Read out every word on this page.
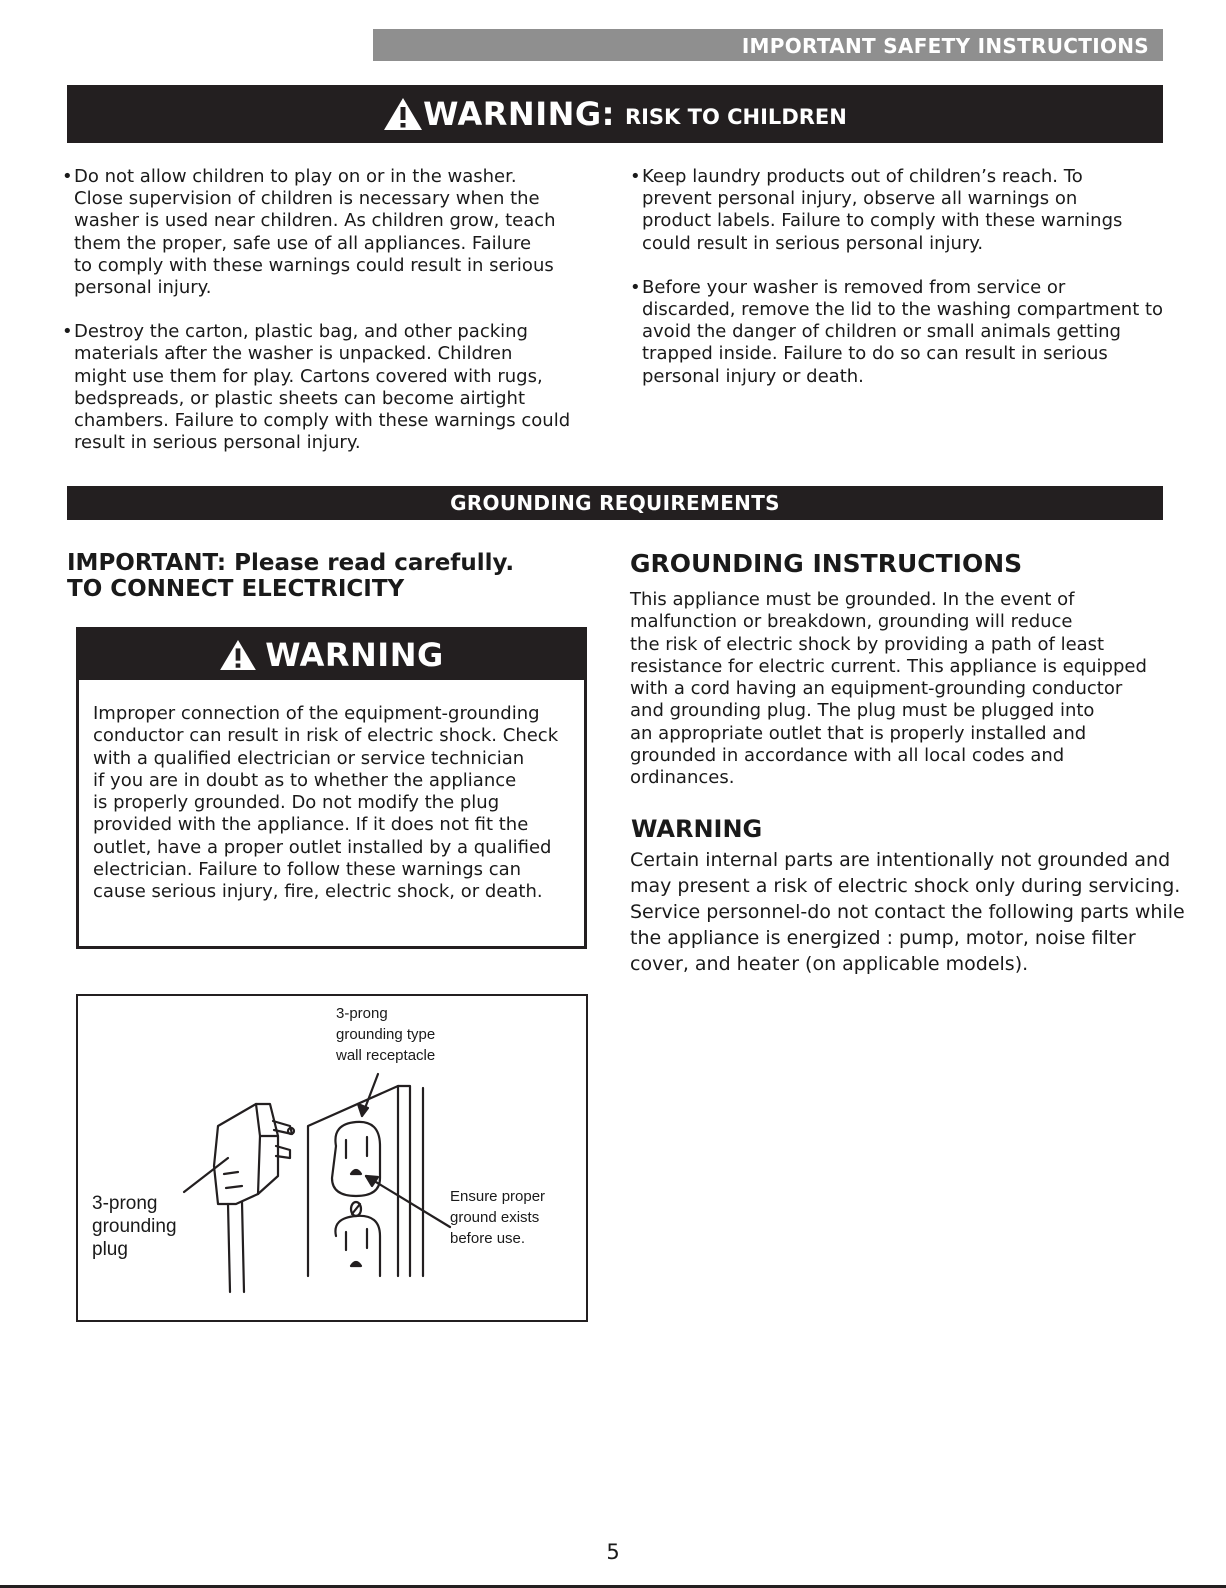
IMPORTANT SAFETY INSTRUCTIONS
WARNING: RISK TO CHILDREN
• Do not allow children to play on or in the washer.
Close supervision of children is necessary when the
washer is used near children. As children grow, teach
them the proper, safe use of all appliances. Failure
to comply with these warnings could result in serious
personal injury.
• Destroy the carton, plastic bag, and other packing
materials after the washer is unpacked. Children
might use them for play. Cartons covered with rugs,
bedspreads, or plastic sheets can become airtight
chambers. Failure to comply with these warnings could
result in serious personal injury.
• Keep laundry products out of children’s reach. To
prevent personal injury, observe all warnings on
product labels. Failure to comply with these warnings
could result in serious personal injury.
• Before your washer is removed from service or
discarded, remove the lid to the washing compartment to
avoid the danger of children or small animals getting
trapped inside. Failure to do so can result in serious
personal injury or death.
GROUNDING REQUIREMENTS
IMPORTANT: Please read carefully.
TO CONNECT ELECTRICITY
WARNING
Improper connection of the equipment-grounding
conductor can result in risk of electric shock. Check
with a qualified electrician or service technician
if you are in doubt as to whether the appliance
is properly grounded. Do not modify the plug
provided with the appliance. If it does not fit the
outlet, have a proper outlet installed by a qualified
electrician. Failure to follow these warnings can
cause serious injury, fire, electric shock, or death.
GROUNDING INSTRUCTIONS
This appliance must be grounded. In the event of
malfunction or breakdown, grounding will reduce
the risk of electric shock by providing a path of least
resistance for electric current. This appliance is equipped
with a cord having an equipment-grounding conductor
and grounding plug. The plug must be plugged into
an appropriate outlet that is properly installed and
grounded in accordance with all local codes and
ordinances.
WARNING
Certain internal parts are intentionally not grounded and
may present a risk of electric shock only during servicing.
Service personnel-do not contact the following parts while
the appliance is energized : pump, motor, noise filter
cover, and heater (on applicable models).
3-prong
grounding type
wall receptacle
3-prong
grounding
plug
Ensure proper
ground exists
before use.
5
